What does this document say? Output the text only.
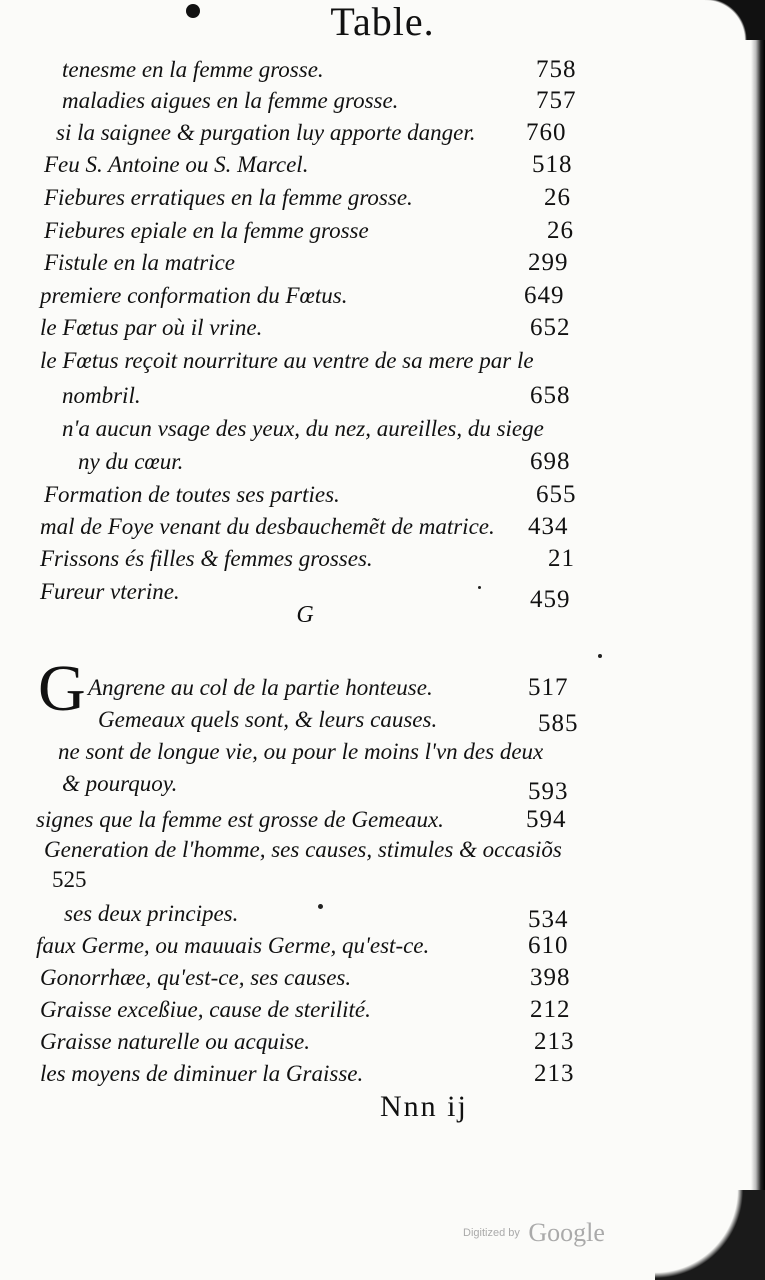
Table.
tenesme en la femme grosse.	758
maladies aigues en la femme grosse.	757
si la saignee & purgation luy apporte danger. 760
Feu S. Antoine ou S. Marcel.	518
Fiebures erratiques en la femme grosse.	26
Fiebures epiale en la femme grosse	26
Fistule en la matrice	299
premiere conformation du Fœtus.	649
le Fœtus par où il vrine.	652
le Fœtus reçoit nourriture au ventre de sa mere par le
nombril.	658
n'a aucun vsage des yeux, du nez, aureilles, du siege
ny du cœur.	698
Formation de toutes ses parties.	655
mal de Foye venant du desbauchemẽt de matrice. 434
Frissons és filles & femmes grosses.	21
Fureur vterine.	459
G
G Angrene au col de la partie honteuse.	517
Gemeaux quels sont, & leurs causes.	585
ne sont de longue vie, ou pour le moins l'vn des deux
& pourquoy.	593
signes que la femme est grosse de Gemeaux.	594
Generation de l'homme, ses causes, stimules & occasiõs
525
ses deux principes.	534
faux Germe, ou mauuais Germe, qu'est-ce.	610
Gonorrhæe, qu'est-ce, ses causes.	398
Graisse exceßiue, cause de sterilité.	212
Graisse naturelle ou acquise.	213
les moyens de diminuer la Graisse.	213
Nnn ij
Digitized by Google
